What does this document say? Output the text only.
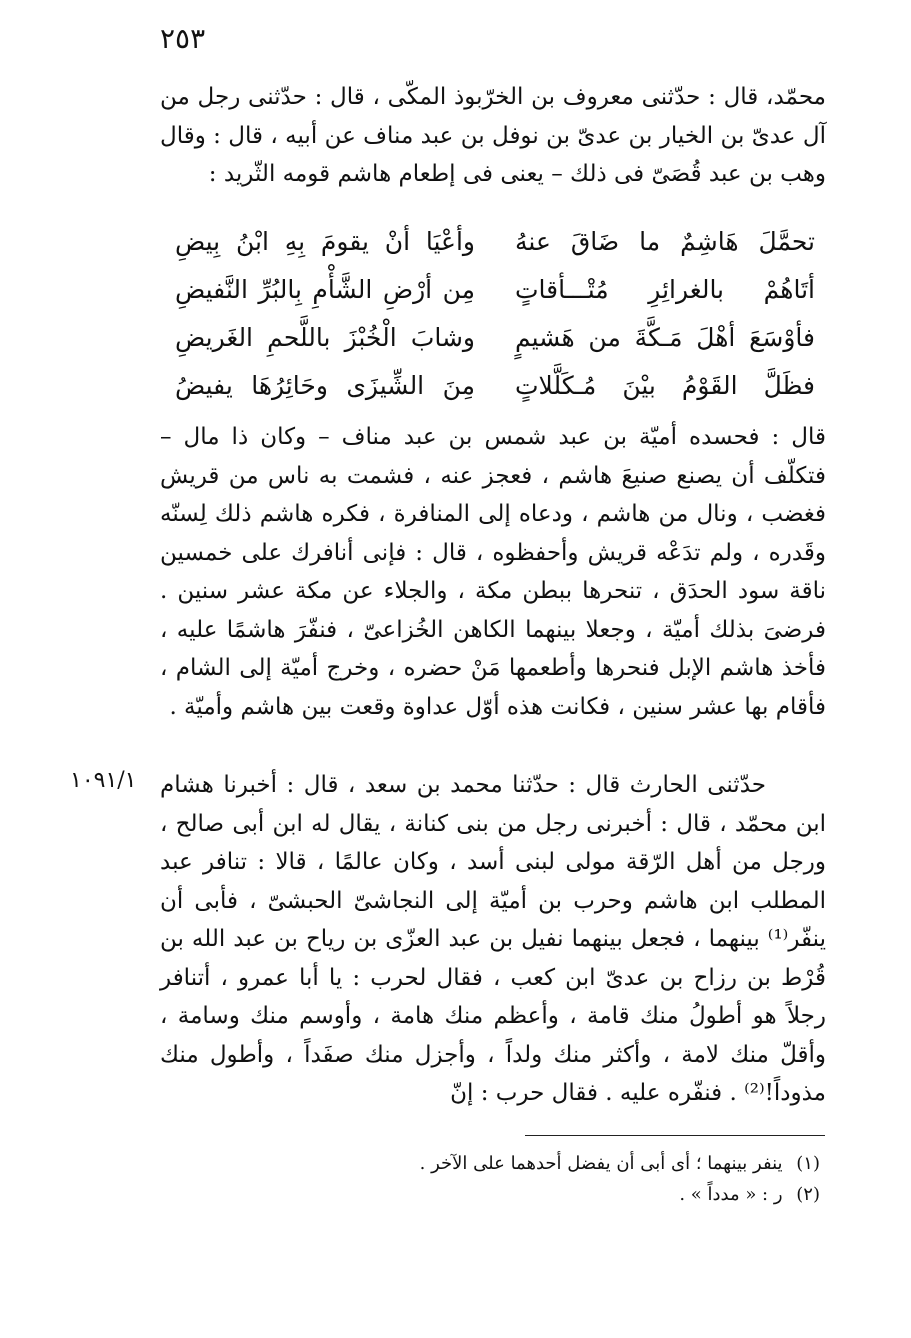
٢٥٣
محمّد، قال : حدّثنى معروف بن الخرّبوذ المكّى ، قال : حدّثنى رجل من آل عدىّ بن الخيار بن عدىّ بن نوفل بن عبد مناف عن أبيه ، قال : وقال وهب بن عبد قُصَىّ فى ذلك – يعنى فى إطعام هاشم قومه الثّريد :
تحمَّلَ هَاشِمٌ ما ضَاقَ عنهُ
وأعْيَا أنْ يقومَ بِهِ ابْنُ بِيضِ
أتَاهُمْ بالغرائِرِ مُتْـــأقاتٍ
مِن أرْضِ الشَّأْمِ بِالبُرِّ النَّفيضِ
فأوْسَعَ أهْلَ مَـكَّةَ من هَشيمٍ
وشابَ الْخُبْزَ باللَّحمِ الغَريضِ
فظَلَّ القَوْمُ بيْنَ مُـكَلَّلاتٍ
مِنَ الشِّيزَى وحَائِرُهَا يفيضُ
قال : فحسده أميّة بن عبد شمس بن عبد مناف – وكان ذا مال – فتكلّف أن يصنع صنيعَ هاشم ، فعجز عنه ، فشمت به ناس من قريش فغضب ، ونال من هاشم ، ودعاه إلى المنافرة ، فكره هاشم ذلك لِسنّه وقَدره ، ولم تدَعْه قريش وأحفظوه ، قال : فإنى أنافرك على خمسين ناقة سود الحدَق ، تنحرها ببطن مكة ، والجلاء عن مكة عشر سنين . فرضىَ بذلك أميّة ، وجعلا بينهما الكاهن الخُزاعىّ ، فنفّرَ هاشمًا عليه ، فأخذ هاشم الإبل فنحرها وأطعمها مَنْ حضره ، وخرج أميّة إلى الشام ، فأقام بها عشر سنين ، فكانت هذه أوّل عداوة وقعت بين هاشم وأميّة .
١٠٩١/١ حدّثنى الحارث قال : حدّثنا محمد بن سعد ، قال : أخبرنا هشام ابن محمّد ، قال : أخبرنى رجل من بنى كنانة ، يقال له ابن أبى صالح ، ورجل من أهل الرّقة مولى لبنى أسد ، وكان عالمًا ، قالا : تنافر عبد المطلب ابن هاشم وحرب بن أميّة إلى النجاشىّ الحبشىّ ، فأبى أن ينفّر⁽¹⁾ بينهما ، فجعل بينهما نفيل بن عبد العزّى بن رياح بن عبد الله بن قُرْط بن رزاح بن عدىّ ابن كعب ، فقال لحرب : يا أبا عمرو ، أتنافر رجلاً هو أطولُ منك قامة ، وأعظم منك هامة ، وأوسم منك وسامة ، وأقلّ منك لامة ، وأكثر منك ولداً ، وأجزل منك صفَداً ، وأطول منك مذوداً!⁽²⁾ . فنفّره عليه . فقال حرب : إنّ
(١) ينفر بينهما ؛ أى أبى أن يفضل أحدهما على الآخر .
(٢) ر : « مدداً » .
